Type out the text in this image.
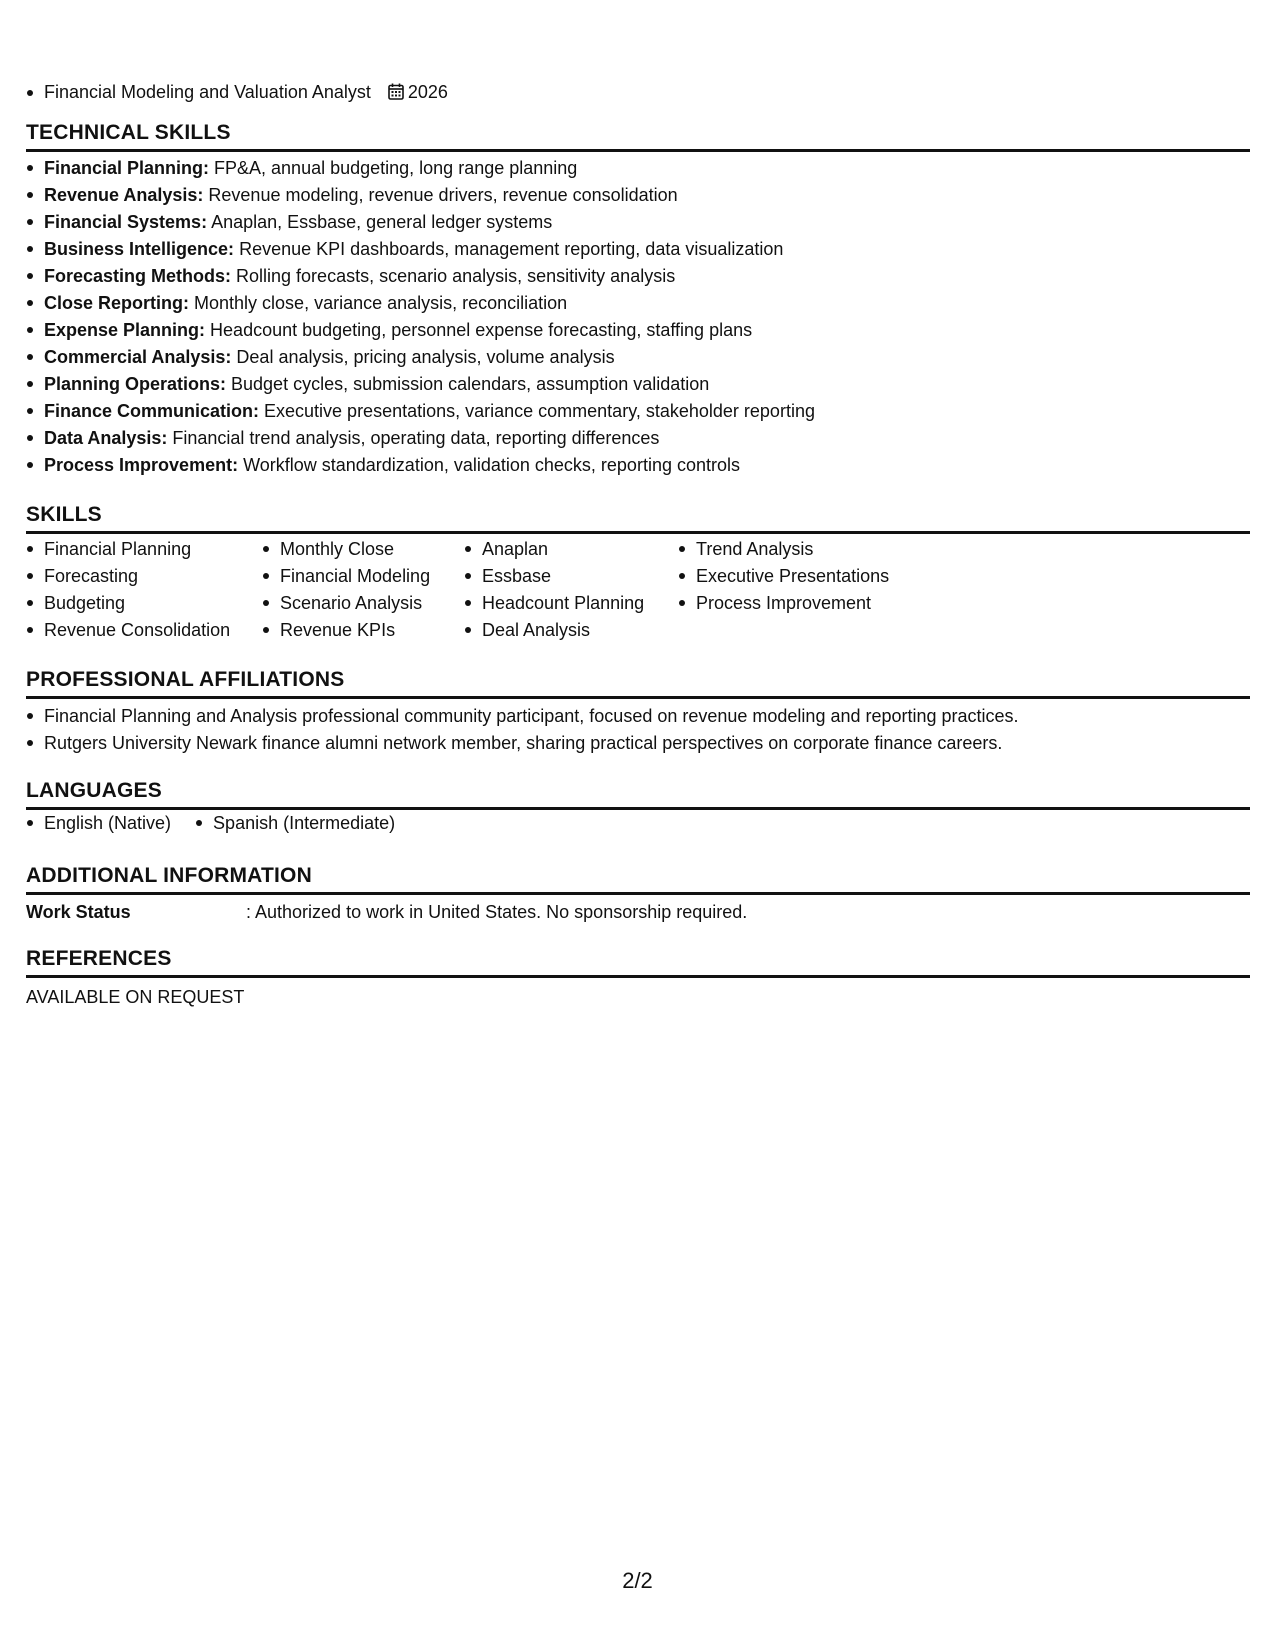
Financial Modeling and Valuation Analyst 2026
TECHNICAL SKILLS
Financial Planning: FP&A, annual budgeting, long range planning
Revenue Analysis: Revenue modeling, revenue drivers, revenue consolidation
Financial Systems: Anaplan, Essbase, general ledger systems
Business Intelligence: Revenue KPI dashboards, management reporting, data visualization
Forecasting Methods: Rolling forecasts, scenario analysis, sensitivity analysis
Close Reporting: Monthly close, variance analysis, reconciliation
Expense Planning: Headcount budgeting, personnel expense forecasting, staffing plans
Commercial Analysis: Deal analysis, pricing analysis, volume analysis
Planning Operations: Budget cycles, submission calendars, assumption validation
Finance Communication: Executive presentations, variance commentary, stakeholder reporting
Data Analysis: Financial trend analysis, operating data, reporting differences
Process Improvement: Workflow standardization, validation checks, reporting controls
SKILLS
Financial Planning
Forecasting
Budgeting
Revenue Consolidation
Monthly Close
Financial Modeling
Scenario Analysis
Revenue KPIs
Anaplan
Essbase
Headcount Planning
Deal Analysis
Trend Analysis
Executive Presentations
Process Improvement
PROFESSIONAL AFFILIATIONS
Financial Planning and Analysis professional community participant, focused on revenue modeling and reporting practices.
Rutgers University Newark finance alumni network member, sharing practical perspectives on corporate finance careers.
LANGUAGES
English (Native)	Spanish (Intermediate)
ADDITIONAL INFORMATION
Work Status	: Authorized to work in United States. No sponsorship required.
REFERENCES
AVAILABLE ON REQUEST
2/2
